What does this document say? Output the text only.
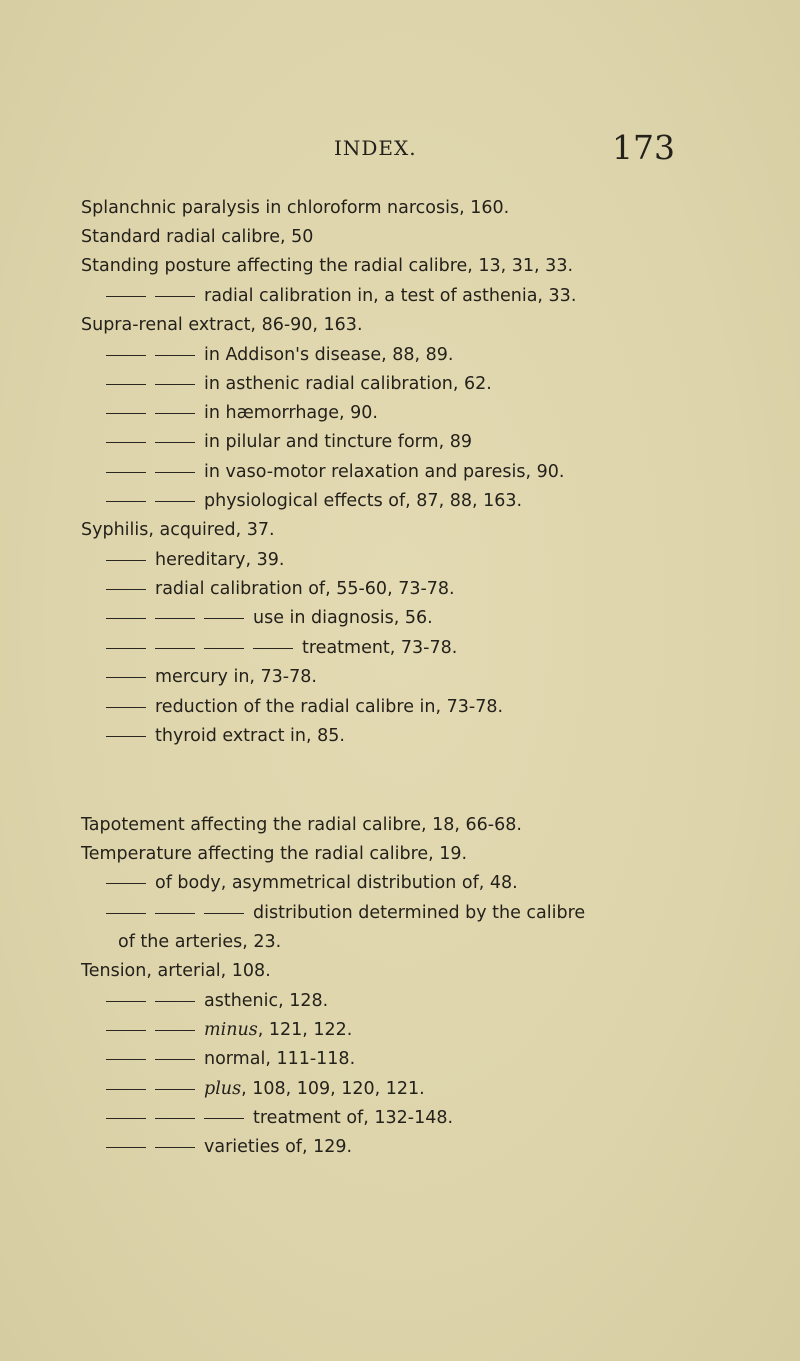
INDEX.	173
Splanchnic paralysis in chloroform narcosis, 160.
Standard radial calibre, 50
Standing posture affecting the radial calibre, 13, 31, 33.
radial calibration in, a test of asthenia, 33.
Supra-renal extract, 86-90, 163.
in Addison's disease, 88, 89.
in asthenic radial calibration, 62.
in hæmorrhage, 90.
in pilular and tincture form, 89
in vaso-motor relaxation and paresis, 90.
physiological effects of, 87, 88, 163.
Syphilis, acquired, 37.
hereditary, 39.
radial calibration of, 55-60, 73-78.
use in diagnosis, 56.
treatment, 73-78.
mercury in, 73-78.
reduction of the radial calibre in, 73-78.
thyroid extract in, 85.
Tapotement affecting the radial calibre, 18, 66-68.
Temperature affecting the radial calibre, 19.
of body, asymmetrical distribution of, 48.
distribution determined by the calibre
of the arteries, 23.
Tension, arterial, 108.
asthenic, 128.
minus, 121, 122.
normal, 111-118.
plus, 108, 109, 120, 121.
treatment of, 132-148.
varieties of, 129.
